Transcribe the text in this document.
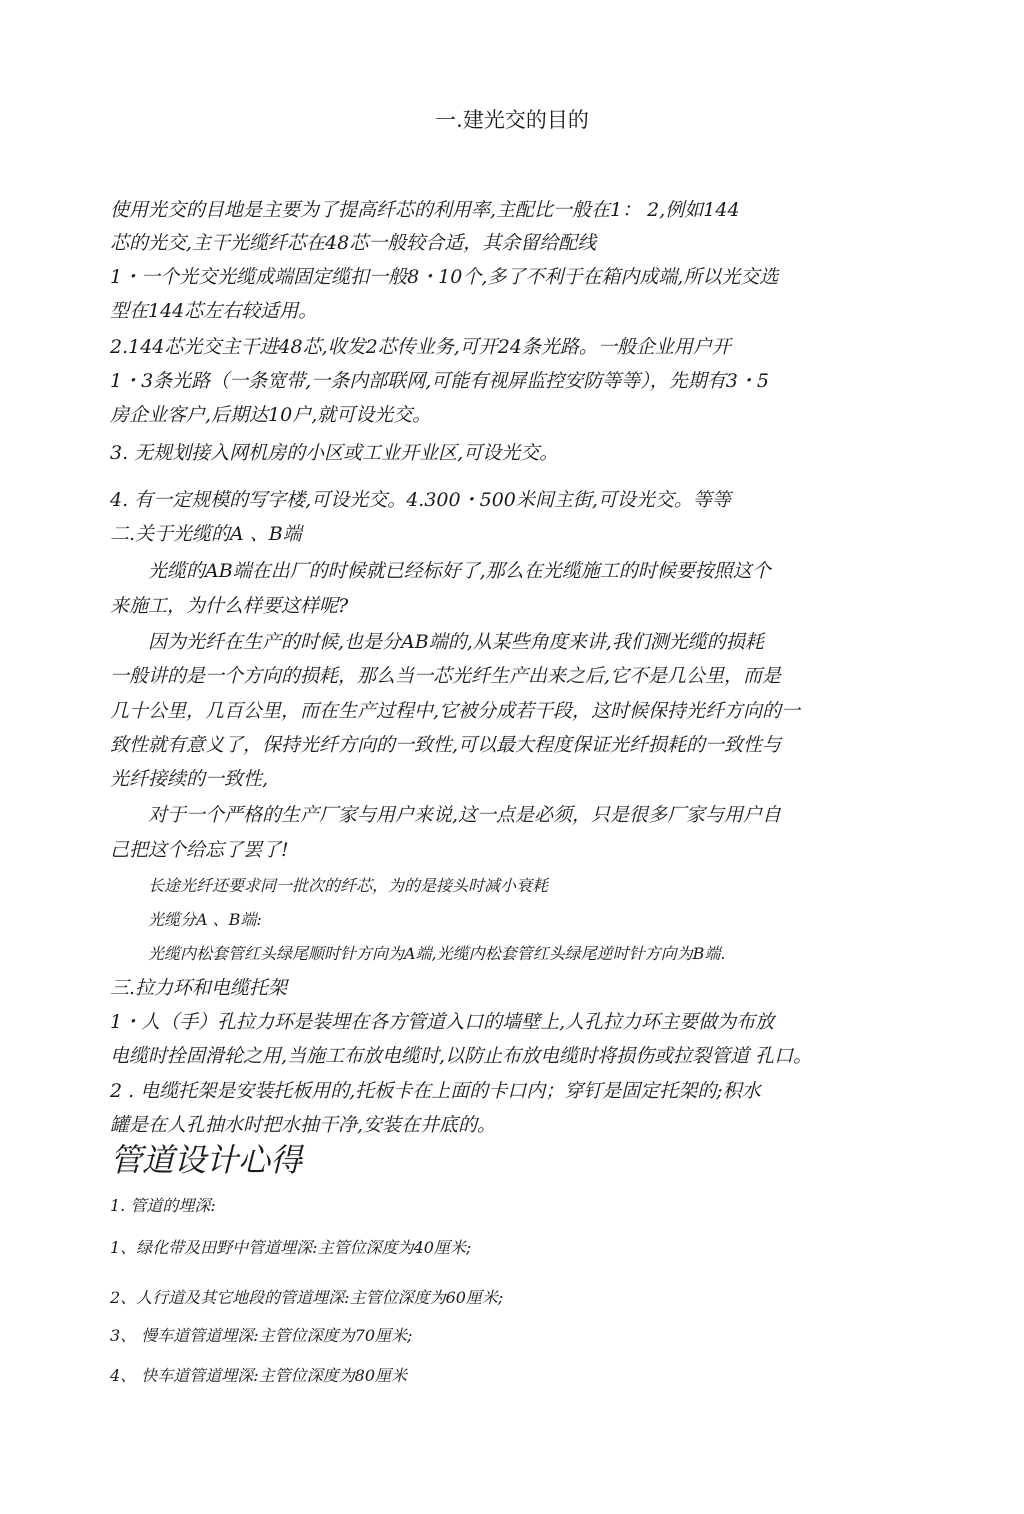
一.建光交的目的
使用光交的目地是主要为了提高纤芯的利用率,主配比一般在1： 2,例如144
芯的光交,主干光缆纤芯在48芯一般较合适，其余留给配线
1・一个光交光缆成端固定缆扣一般8・10个,多了不利于在箱内成端,所以光交选
型在144芯左右较适用。
2.144芯光交主干进48芯,收发2芯传业务,可开24条光路。一般企业用户开
1・3条光路（一条宽带,一条内部联网,可能有视屏监控安防等等），先期有3・5
房企业客户,后期达10户,就可设光交。
3. 无规划接入网机房的小区或工业开业区,可设光交。
4. 有一定规模的写字楼,可设光交。4.300・500米间主街,可设光交。等等
二.关于光缆的A 、B端
光缆的AB端在出厂的时候就已经标好了,那么在光缆施工的时候要按照这个
来施工，为什么样要这样呢?
因为光纤在生产的时候,也是分AB端的,从某些角度来讲,我们测光缆的损耗
一般讲的是一个方向的损耗，那么当一芯光纤生产出来之后,它不是几公里，而是
几十公里，几百公里，而在生产过程中,它被分成若干段，这时候保持光纤方向的一
致性就有意义了，保持光纤方向的一致性,可以最大程度保证光纤损耗的一致性与
光纤接续的一致性,
对于一个严格的生产厂家与用户来说,这一点是必须，只是很多厂家与用户自
己把这个给忘了罢了!
长途光纤还要求同一批次的纤芯，为的是接头时减小衰耗
光缆分A 、B端:
光缆内松套管红头绿尾顺时针方向为A端,光缆内松套管红头绿尾逆时针方向为B端.
三.拉力环和电缆托架
1・人（手）孔拉力环是装埋在各方管道入口的墙壁上,人孔拉力环主要做为布放
电缆时拴固滑轮之用,当施工布放电缆时,以防止布放电缆时将损伤或拉裂管道 孔口。
2 . 电缆托架是安装托板用的,托板卡在上面的卡口内；穿钉是固定托架的;积水
罐是在人孔抽水时把水抽干净,安装在井底的。
管道设计心得
1. 管道的埋深:
1、绿化带及田野中管道埋深:主管位深度为40厘米;
2、人行道及其它地段的管道埋深:主管位深度为60厘米;
3、 慢车道管道埋深:主管位深度为70厘米;
4、 快车道管道埋深:主管位深度为80厘米
